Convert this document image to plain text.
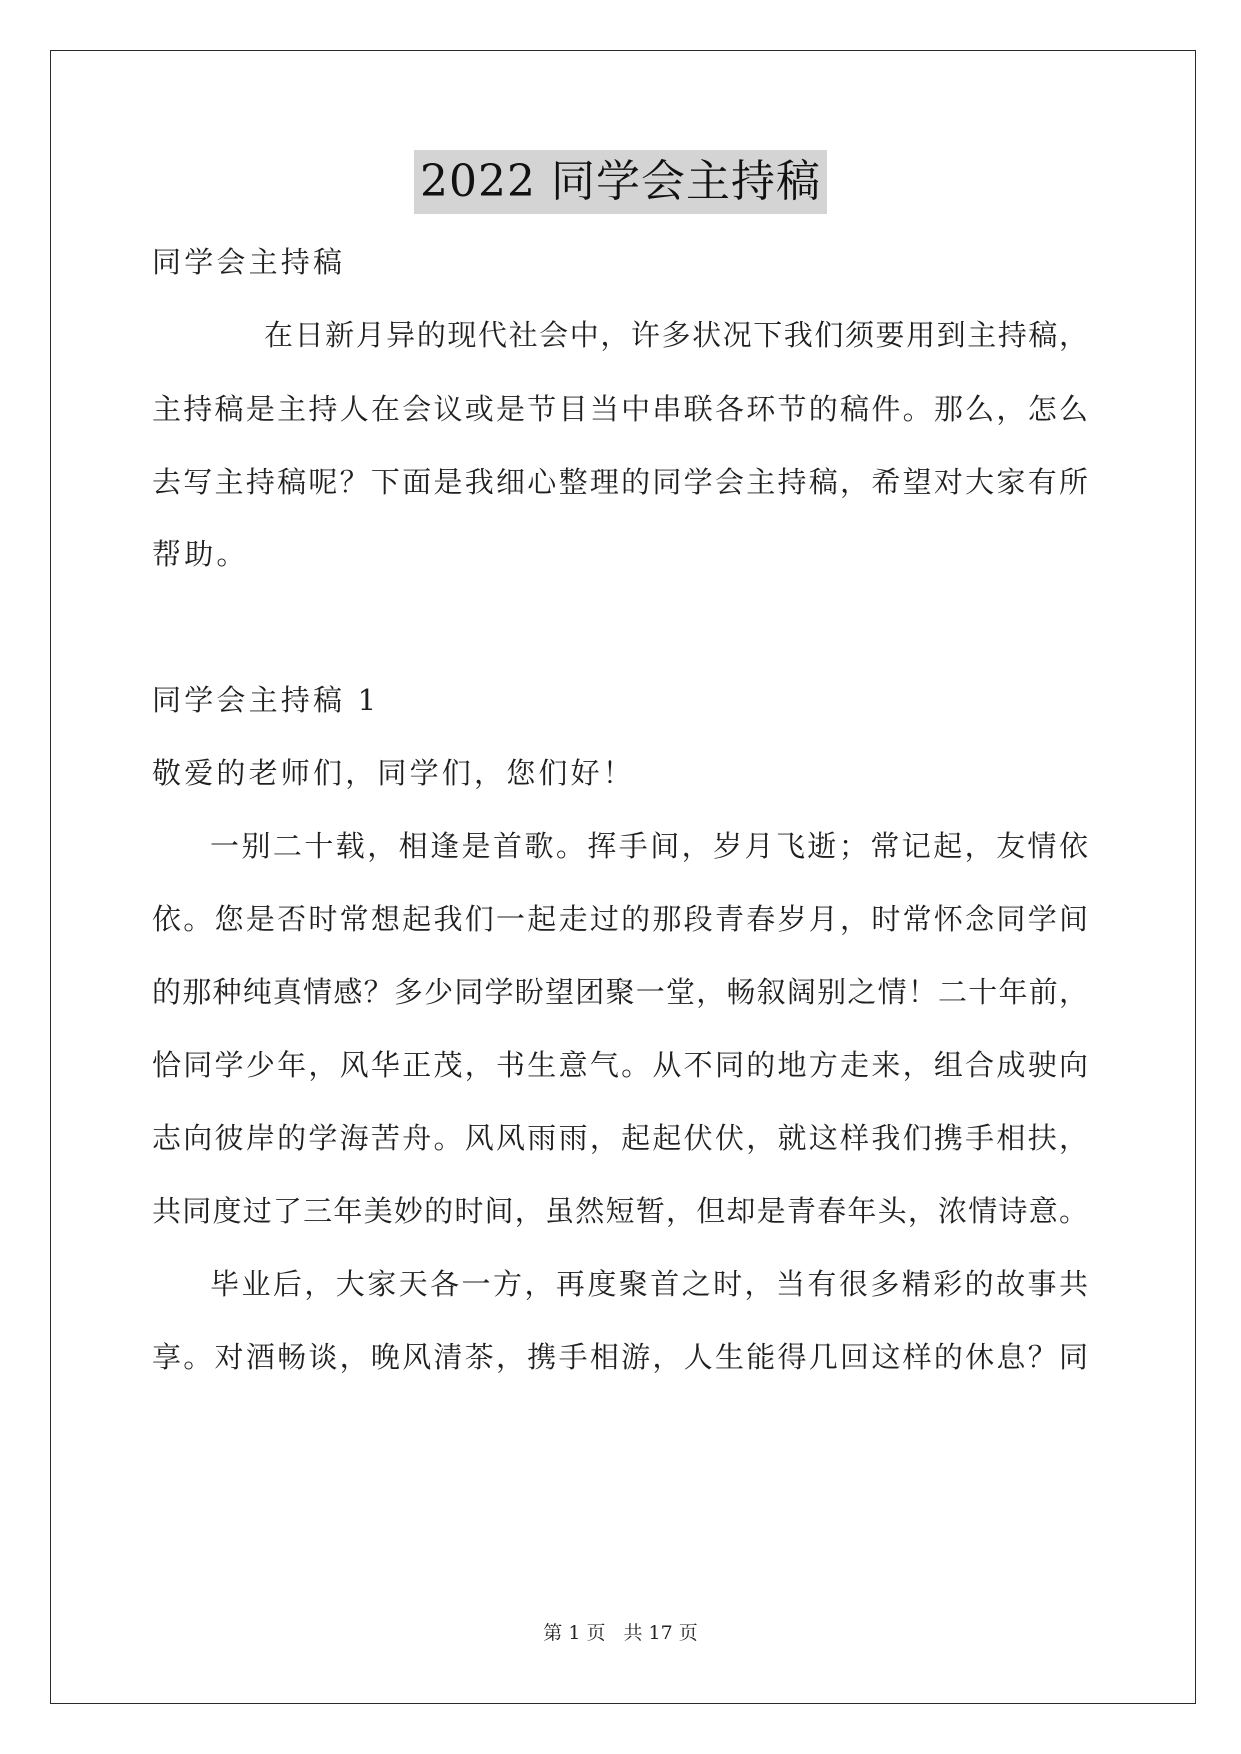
2022 同学会主持稿
同学会主持稿
在日新月异的现代社会中，许多状况下我们须要用到主持稿，
主持稿是主持人在会议或是节目当中串联各环节的稿件。那么，怎么
去写主持稿呢？下面是我细心整理的同学会主持稿，希望对大家有所
帮助。
同学会主持稿 1
敬爱的老师们，同学们，您们好！
一别二十载，相逢是首歌。挥手间，岁月飞逝；常记起，友情依
依。您是否时常想起我们一起走过的那段青春岁月，时常怀念同学间
的那种纯真情感？多少同学盼望团聚一堂，畅叙阔别之情！二十年前，
恰同学少年，风华正茂，书生意气。从不同的地方走来，组合成驶向
志向彼岸的学海苦舟。风风雨雨，起起伏伏，就这样我们携手相扶，
共同度过了三年美妙的时间，虽然短暂，但却是青春年头，浓情诗意。
毕业后，大家天各一方，再度聚首之时，当有很多精彩的故事共
享。对酒畅谈，晚风清茶，携手相游，人生能得几回这样的休息？同
第 1 页 共 17 页
